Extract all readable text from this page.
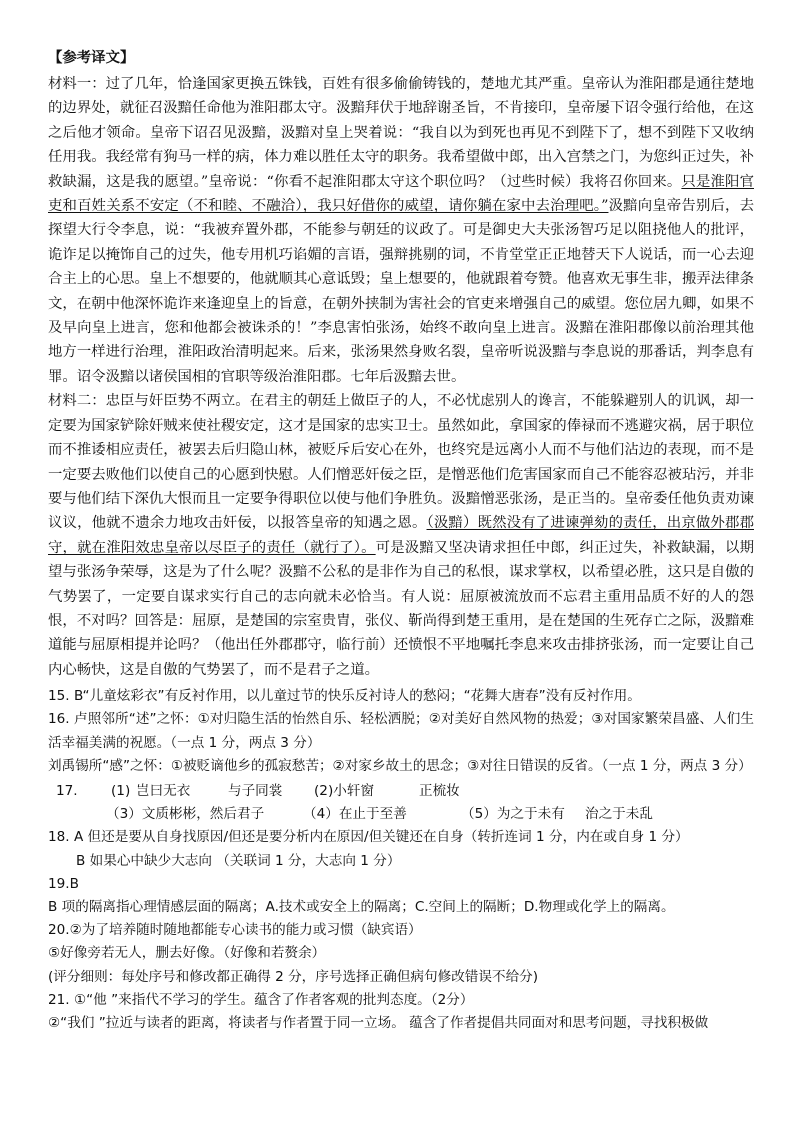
【参考译文】

材料一：过了几年，恰逢国家更换五铢钱，百姓有很多偷偷铸钱的，楚地尤其严重。皇帝认为淮阳郡是通往楚地的边界处，就征召汲黯任命他为淮阳郡太守。汲黯拜伏于地辞谢圣旨，不肯接印，皇帝屡下诏令强行给他，在这之后他才领命。皇帝下诏召见汲黯，汲黯对皇上哭着说：“我自以为到死也再见不到陛下了，想不到陛下又收纳任用我。我经常有狗马一样的病，体力难以胜任太守的职务。我希望做中郎，出入宫禁之门，为您纠正过失，补救缺漏，这是我的愿望。”皇帝说：“你看不起淮阳郡太守这个职位吗？（过些时候）我将召你回来。只是淮阳官吏和百姓关系不安定（不和睦、不融洽），我只好借你的威望，请你躺在家中去治理吧。”汲黯向皇帝告别后，去探望大行令李息，说：“我被弃置外郡，不能参与朝廷的议政了。可是御史大夫张汤智巧足以阻挠他人的批评，诡诈足以掩饰自己的过失，他专用机巧谄媚的言语，强辩挑剔的词，不肯堂堂正正地替天下人说话，而一心去迎合主上的心思。皇上不想要的，他就顺其心意诋毁；皇上想要的，他就跟着夸赞。他喜欢无事生非，搬弄法律条文，在朝中他深怀诡诈来逢迎皇上的旨意，在朝外挟制为害社会的官吏来增强自己的威望。您位居九卿，如果不及早向皇上进言，您和他都会被诛杀的！”李息害怕张汤，始终不敢向皇上进言。汲黯在淮阳郡像以前治理其他地方一样进行治理，淮阳政治清明起来。后来，张汤果然身败名裂，皇帝听说汲黯与李息说的那番话，判李息有罪。诏令汲黯以诸侯国相的官职等级治淮阳郡。七年后汲黯去世。

材料二：忠臣与奸臣势不两立。在君主的朝廷上做臣子的人，不必忧虑别人的谗言，不能躲避别人的讥讽，却一定要为国家铲除奸贼来使社稷安定，这才是国家的忠实卫士。虽然如此，拿国家的俸禄而不逃避灾祸，居于职位而不推诿相应责任，被罢去后归隐山林，被贬斥后安心在外，也终究是远离小人而不与他们沾边的表现，而不是一定要去败他们以使自己的心愿到快慰。人们憎恶奸佞之臣，是憎恶他们危害国家而自己不能容忍被玷污，并非要与他们结下深仇大恨而且一定要争得职位以使与他们争胜负。汲黯憎恶张汤，是正当的。皇帝委任他负责劝谏议议，他就不遗余力地攻击奸佞，以报答皇帝的知遇之恩。（汲黯）既然没有了进谏弹劾的责任，出京做外郡郡守，就在淮阳效忠皇帝以尽臣子的责任（就行了）。可是汲黯又坚决请求担任中郎，纠正过失，补救缺漏，以期望与张汤争荣辱，这是为了什么呢？汲黯不公私的是非作为自己的私恨，谋求掌权，以希望必胜，这只是自傲的气势罢了，一定要自谋求实行自己的志向就未必恰当。有人说：屈原被流放而不忘君主重用品质不好的人的怨恨，不对吗？回答是：屈原，是楚国的宗室贵胄，张仪、靳尚得到楚王重用，是在楚国的生死存亡之际，汲黯难道能与屈原相提并论吗？（他出任外郡郡守，临行前）还愤恨不平地嘱托李息来攻击排挤张汤，而一定要让自己内心畅快，这是自傲的气势罢了，而不是君子之道。

15. B“儿童炫彩衣”有反衬作用，以儿童过节的快乐反衬诗人的愁闷；“花舞大唐春”没有反衬作用。

16. 卢照邻所“述”之怀：①对归隐生活的怡然自乐、轻松洒脱；②对美好自然风物的热爱；③对国家繁荣昌盛、人们生活幸福美满的祝愿。（一点 1 分，两点 3 分）

刘禹锡所“感”之怀：①被贬谪他乡的孤寂愁苦；②对家乡故土的思念；③对往日错误的反省。（一点 1 分，两点 3 分）

17.	(1) 岂曰无衣	与子同裳	(2)小轩窗	正梳妆
（3）文质彬彬，然后君子	（4）在止于至善	（5）为之于未有	治之于未乱

18. A 但还是要从自身找原因/但还是要分析内在原因/但关键还在自身（转折连词 1 分，内在或自身 1 分）

B 如果心中缺少大志向 （关联词 1 分，大志向 1 分）

19.B

B 项的隔离指心理情感层面的隔离；A.技术或安全上的隔离；C.空间上的隔断；D.物理或化学上的隔离。

20.②为了培养随时随地都能专心读书的能力或习惯（缺宾语）

⑤好像旁若无人，删去好像。（好像和若赘余）

(评分细则：每处序号和修改都正确得 2 分，序号选择正确但病句修改错误不给分)

21. ①“他 ”来指代不学习的学生。蕴含了作者客观的批判态度。（2分）

②“我们 ”拉近与读者的距离，将读者与作者置于同一立场。 蕴含了作者提倡共同面对和思考问题，寻找积极做
